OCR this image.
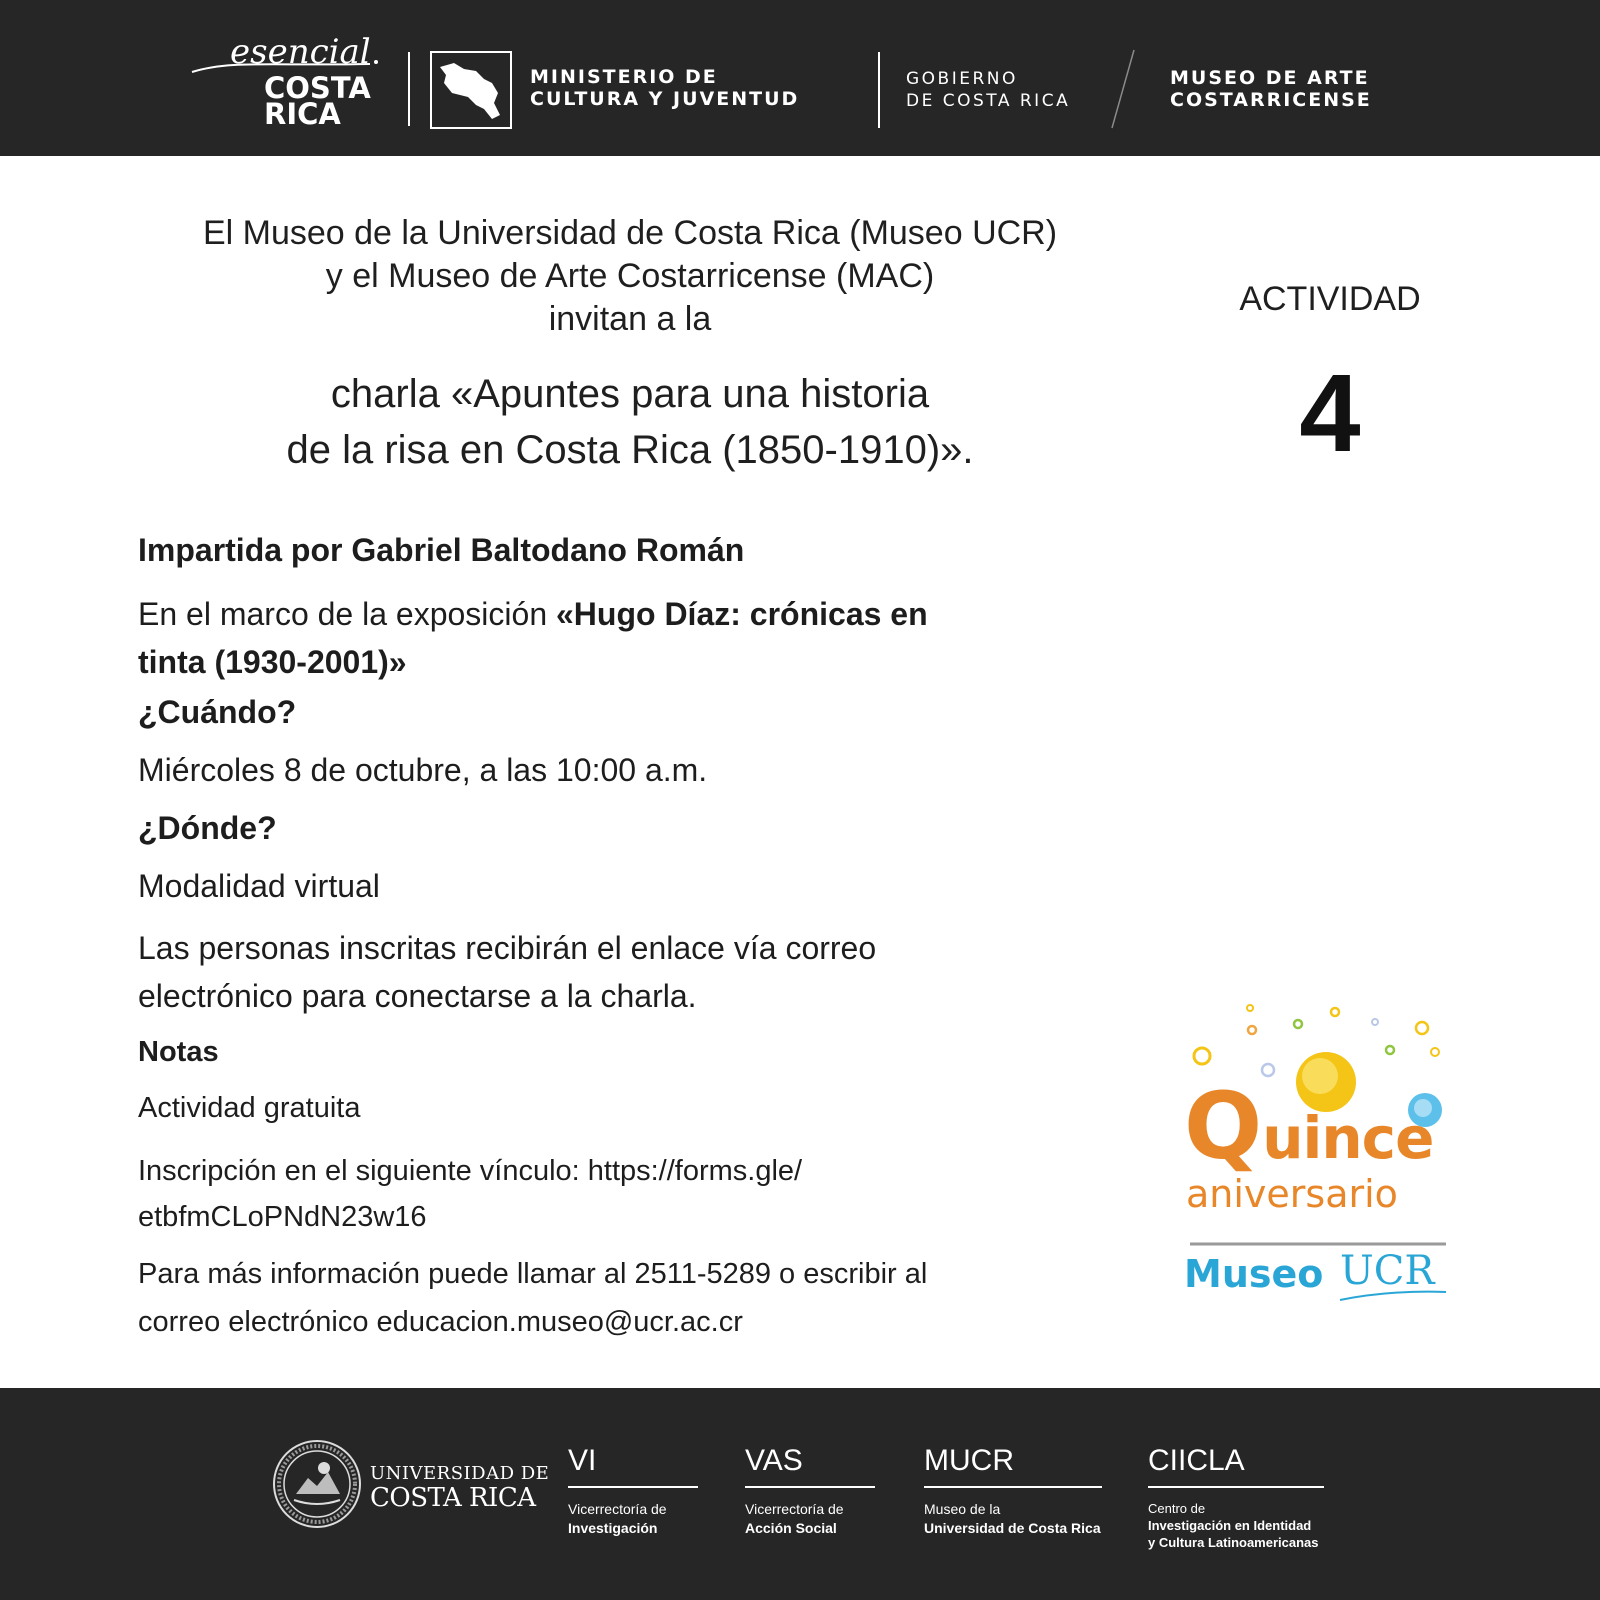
esencial
COSTA
RICA
MINISTERIO DE
CULTURA Y JUVENTUD
GOBIERNO
DE COSTA RICA
MUSEO DE ARTE
COSTARRICENSE
El Museo de la Universidad de Costa Rica (Museo UCR)
y el Museo de Arte Costarricense (MAC)
invitan a la
charla «Apuntes para una historia
de la risa en Costa Rica (1850-1910)».
ACTIVIDAD
4
Impartida por Gabriel Baltodano Román
En el marco de la exposición «Hugo Díaz: crónicas en
tinta (1930-2001)»
¿Cuándo?
Miércoles 8 de octubre, a las 10:00 a.m.
¿Dónde?
Modalidad virtual
Las personas inscritas recibirán el enlace vía correo
electrónico para conectarse a la charla.
Notas
Actividad gratuita
Inscripción en el siguiente vínculo: https://forms.gle/
etbfmCLoPNdN23w16
Para más información puede llamar al 2511-5289 o escribir al
correo electrónico educacion.museo@ucr.ac.cr
Quince
aniversario
Museo UCR
UNIVERSIDAD DE
COSTA RICA
VI
Vicerrectoría de
Investigación
VAS
Vicerrectoría de
Acción Social
MUCR
Museo de la
Universidad de Costa Rica
CIICLA
Centro de
Investigación en Identidad
y Cultura Latinoamericanas
